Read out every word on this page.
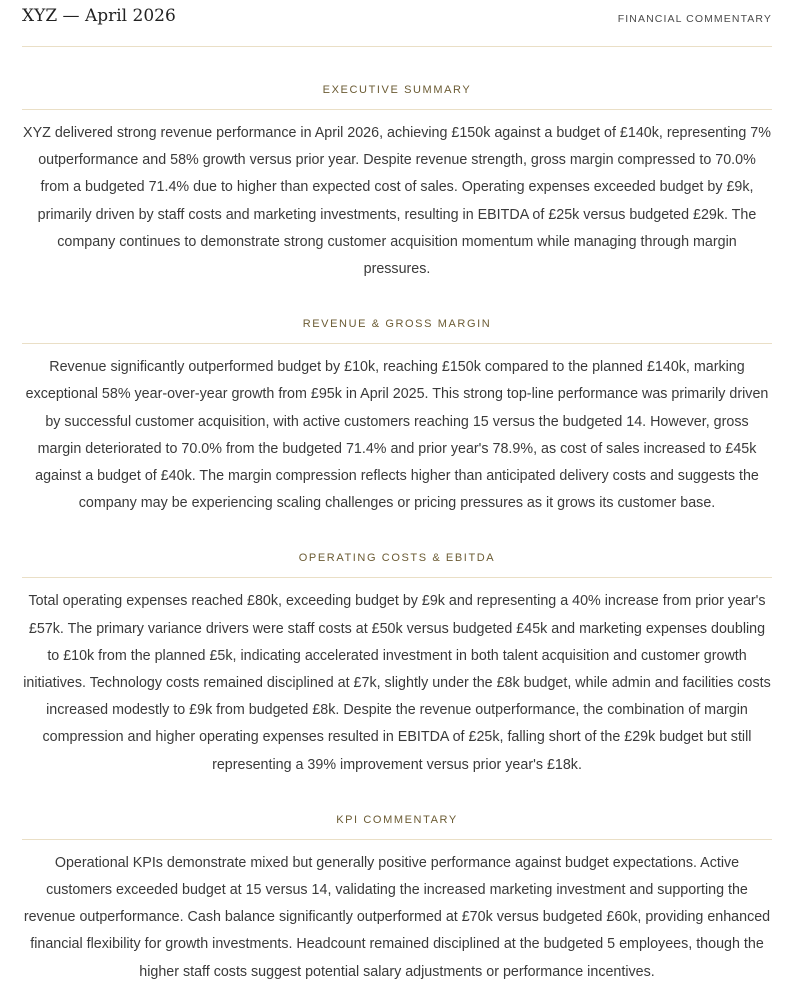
XYZ — April 2026	FINANCIAL COMMENTARY
EXECUTIVE SUMMARY

XYZ delivered strong revenue performance in April 2026, achieving £150k against a budget of £140k, representing 7% outperformance and 58% growth versus prior year. Despite revenue strength, gross margin compressed to 70.0% from a budgeted 71.4% due to higher than expected cost of sales. Operating expenses exceeded budget by £9k, primarily driven by staff costs and marketing investments, resulting in EBITDA of £25k versus budgeted £29k. The company continues to demonstrate strong customer acquisition momentum while managing through margin pressures.

REVENUE & GROSS MARGIN

Revenue significantly outperformed budget by £10k, reaching £150k compared to the planned £140k, marking exceptional 58% year-over-year growth from £95k in April 2025. This strong top-line performance was primarily driven by successful customer acquisition, with active customers reaching 15 versus the budgeted 14. However, gross margin deteriorated to 70.0% from the budgeted 71.4% and prior year's 78.9%, as cost of sales increased to £45k against a budget of £40k. The margin compression reflects higher than anticipated delivery costs and suggests the company may be experiencing scaling challenges or pricing pressures as it grows its customer base.

OPERATING COSTS & EBITDA

Total operating expenses reached £80k, exceeding budget by £9k and representing a 40% increase from prior year's £57k. The primary variance drivers were staff costs at £50k versus budgeted £45k and marketing expenses doubling to £10k from the planned £5k, indicating accelerated investment in both talent acquisition and customer growth initiatives. Technology costs remained disciplined at £7k, slightly under the £8k budget, while admin and facilities costs increased modestly to £9k from budgeted £8k. Despite the revenue outperformance, the combination of margin compression and higher operating expenses resulted in EBITDA of £25k, falling short of the £29k budget but still representing a 39% improvement versus prior year's £18k.

KPI COMMENTARY

Operational KPIs demonstrate mixed but generally positive performance against budget expectations. Active customers exceeded budget at 15 versus 14, validating the increased marketing investment and supporting the revenue outperformance. Cash balance significantly outperformed at £70k versus budgeted £60k, providing enhanced financial flexibility for growth investments. Headcount remained disciplined at the budgeted 5 employees, though the higher staff costs suggest potential salary adjustments or performance incentives.
